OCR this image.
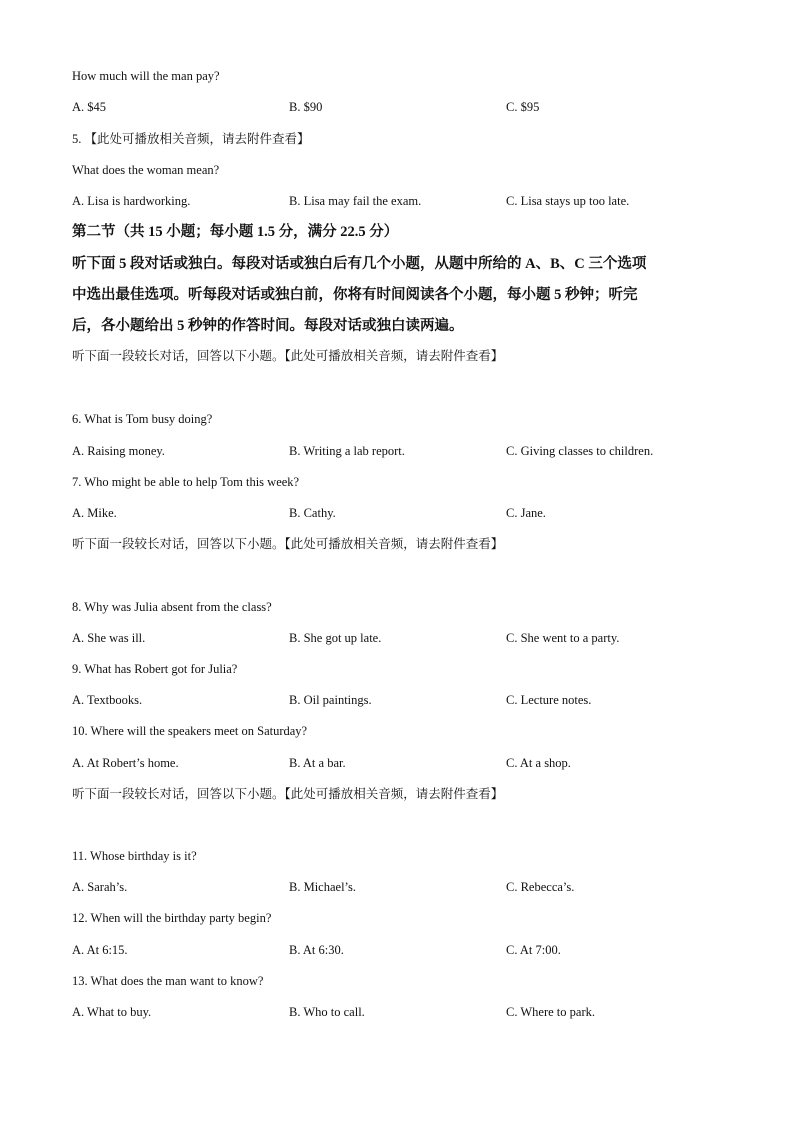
How much will the man pay?
A. $45	B. $90	C. $95
5. 【此处可播放相关音频，请去附件查看】
What does the woman mean?
A. Lisa is hardworking.	B. Lisa may fail the exam.	C. Lisa stays up too late.
第二节（共 15 小题；每小题 1.5 分，满分 22.5 分）
听下面 5 段对话或独白。每段对话或独白后有几个小题，从题中所给的 A、B、C 三个选项
中选出最佳选项。听每段对话或独白前，你将有时间阅读各个小题，每小题 5 秒钟；听完
后，各小题给出 5 秒钟的作答时间。每段对话或独白读两遍。
听下面一段较长对话，回答以下小题。【此处可播放相关音频，请去附件查看】
6. What is Tom busy doing?
A. Raising money.	B. Writing a lab report.	C. Giving classes to children.
7. Who might be able to help Tom this week?
A. Mike.	B. Cathy.	C. Jane.
听下面一段较长对话，回答以下小题。【此处可播放相关音频，请去附件查看】
8. Why was Julia absent from the class?
A. She was ill.	B. She got up late.	C. She went to a party.
9. What has Robert got for Julia?
A. Textbooks.	B. Oil paintings.	C. Lecture notes.
10. Where will the speakers meet on Saturday?
A. At Robert’s home.	B. At a bar.	C. At a shop.
听下面一段较长对话，回答以下小题。【此处可播放相关音频，请去附件查看】
11. Whose birthday is it?
A. Sarah’s.	B. Michael’s.	C. Rebecca’s.
12. When will the birthday party begin?
A. At 6:15.	B. At 6:30.	C. At 7:00.
13. What does the man want to know?
A. What to buy.	B. Who to call.	C. Where to park.
